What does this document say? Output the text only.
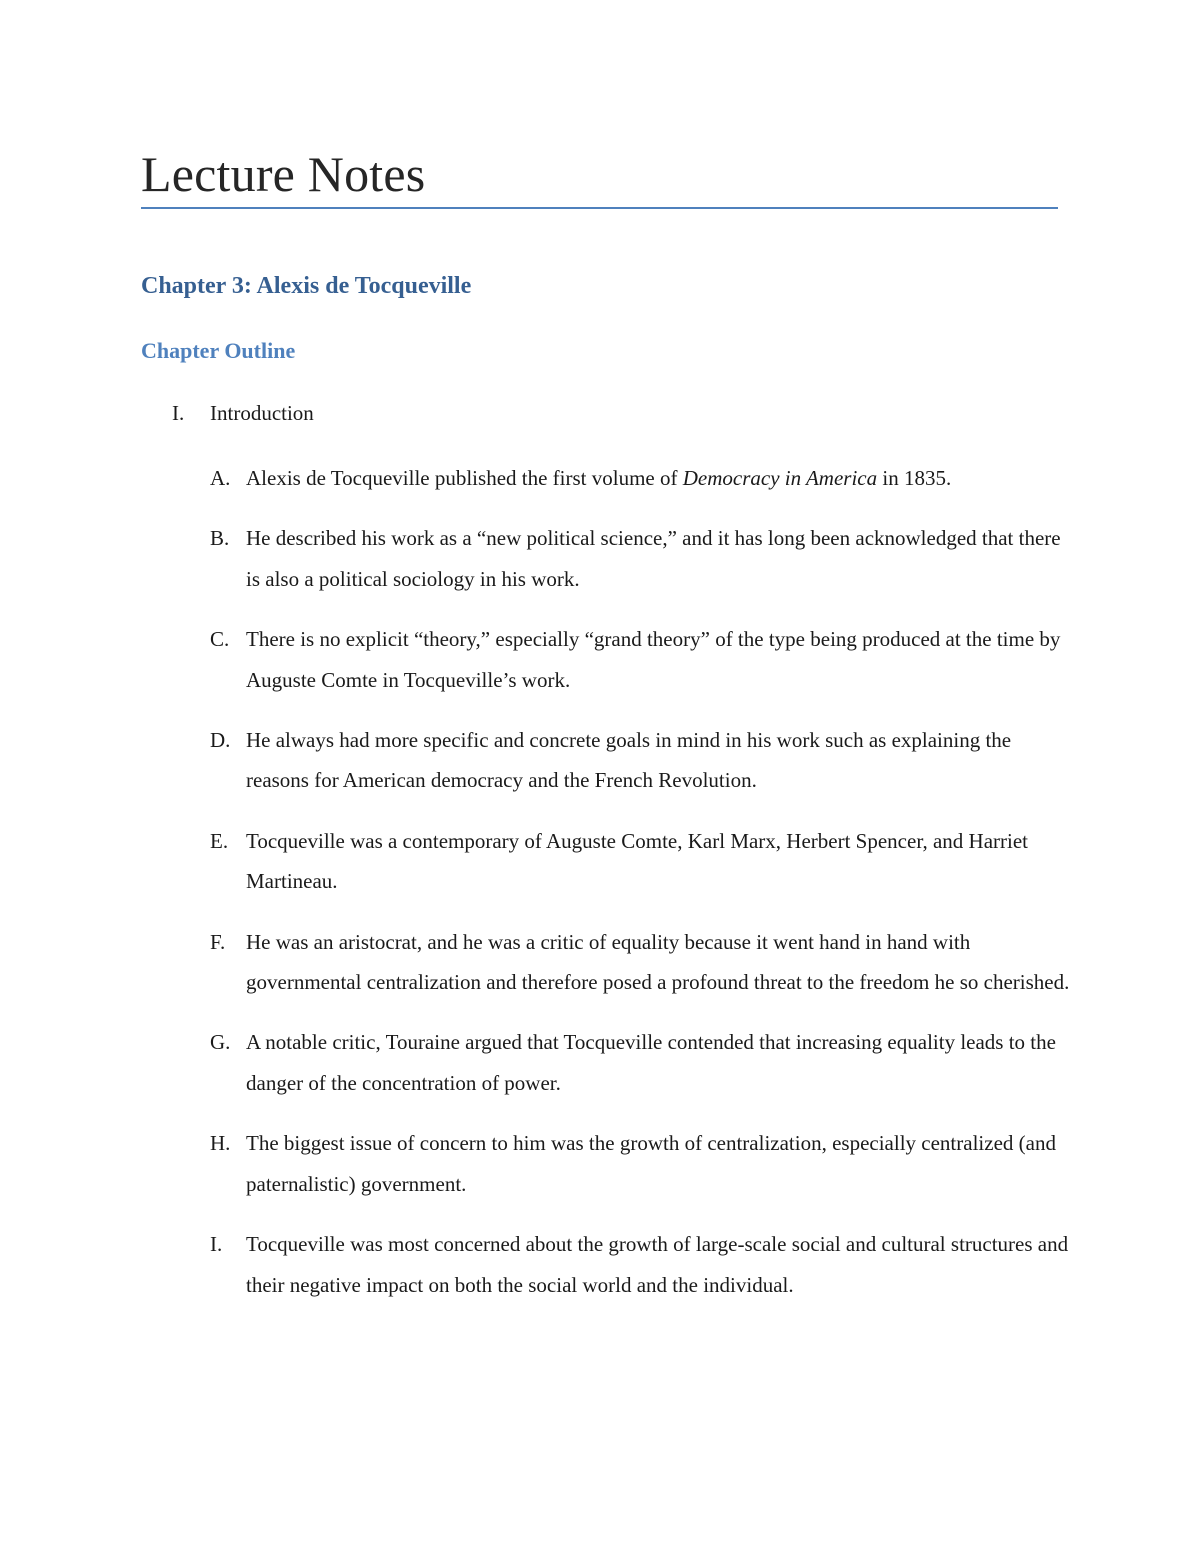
Lecture Notes
Chapter 3: Alexis de Tocqueville
Chapter Outline
I.	Introduction
A. Alexis de Tocqueville published the first volume of Democracy in America in 1835.
B. He described his work as a “new political science,” and it has long been acknowledged that there is also a political sociology in his work.
C. There is no explicit “theory,” especially “grand theory” of the type being produced at the time by Auguste Comte in Tocqueville’s work.
D. He always had more specific and concrete goals in mind in his work such as explaining the reasons for American democracy and the French Revolution.
E. Tocqueville was a contemporary of Auguste Comte, Karl Marx, Herbert Spencer, and Harriet Martineau.
F. He was an aristocrat, and he was a critic of equality because it went hand in hand with governmental centralization and therefore posed a profound threat to the freedom he so cherished.
G. A notable critic, Touraine argued that Tocqueville contended that increasing equality leads to the danger of the concentration of power.
H. The biggest issue of concern to him was the growth of centralization, especially centralized (and paternalistic) government.
I.	Tocqueville was most concerned about the growth of large-scale social and cultural structures and their negative impact on both the social world and the individual.
